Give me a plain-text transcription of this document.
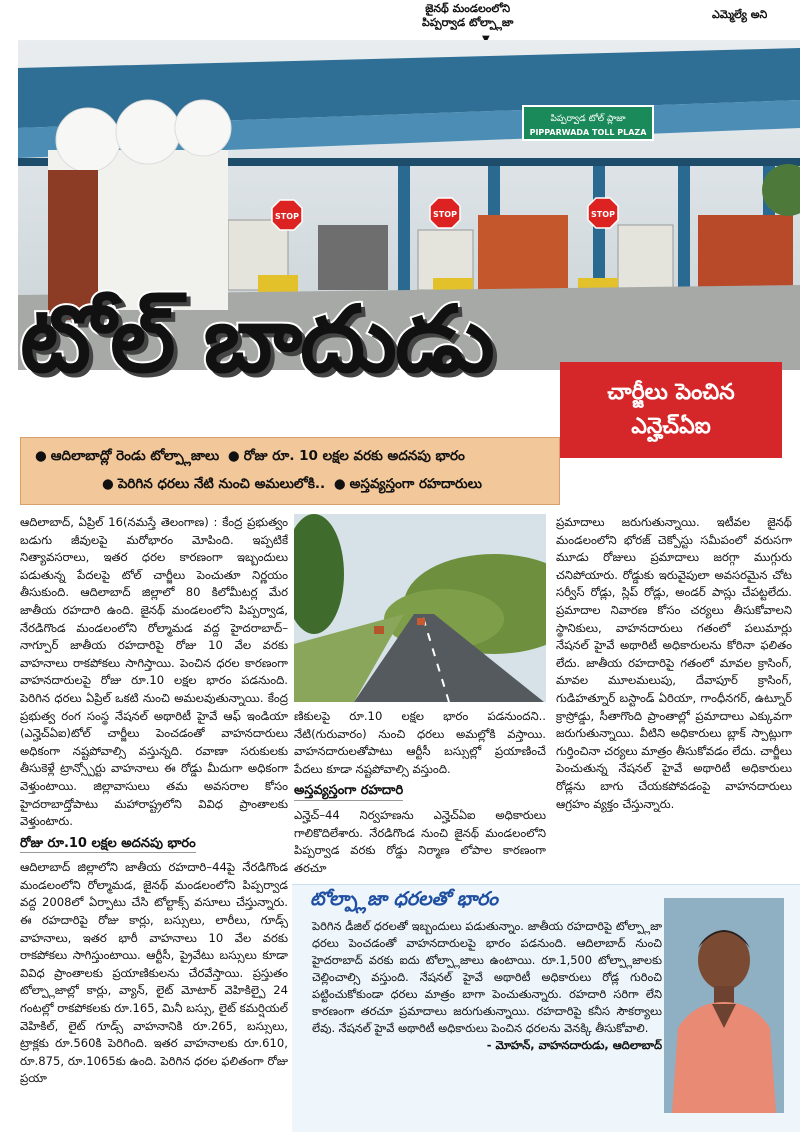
జైనథ్ మండలంలోని
పిప్పర్వాడ టోల్ప్లాజా
ఎమ్మెల్యే అని
పిప్పర్వాడ టోల్ ప్లాజా
PIPPARWADA TOLL PLAZA
STOP	STOP	STOP
టోల్ బాదుడు	చార్జీలు పెంచిన
ఎన్హెచ్ఏఐ
● ఆదిలాబాద్లో రెండు టోల్ప్లాజాలు ● రోజు రూ. 10 లక్షల వరకు అదనపు భారం
● పెరిగిన ధరలు నేటి నుంచి అమలులోకి.. ● అస్తవ్యస్తంగా రహదారులు

ఆదిలాబాద్, ఏప్రిల్ 16(నమస్తే తెలంగాణ) : కేంద్ర ప్రభుత్వం బడుగు జీవులపై మరోభారం మోపింది. ఇప్పటికే నిత్యావసరాలు, ఇతర ధరల కారణంగా ఇబ్బందులు పడుతున్న పేదలపై టోల్ చార్జీలు పెంచుతూ నిర్ణయం తీసుకుంది. ఆదిలాబాద్ జిల్లాలో 80 కిలోమీటర్ల మేర జాతీయ రహదారి ఉంది. జైనథ్ మండలంలోని పిప్పర్వాడ, నేరడిగొండ మండలంలోని రోల్మామడ వద్ద హైదరాబాద్–నాగ్పూర్ జాతీయ రహదారిపై రోజు 10 వేల వరకు వాహనాలు రాకపోకలు సాగిస్తాయి. పెంచిన ధరల కారణంగా వాహనదారులపై రోజు రూ.10 లక్షల భారం పడనుంది. పెరిగిన ధరలు ఏప్రిల్ ఒకటి నుంచి అమలవుతున్నాయి. కేంద్ర ప్రభుత్వ రంగ సంస్థ నేషనల్ అథారిటీ హైవే ఆఫ్ ఇండియా (ఎన్హెచ్ఏఐ)టోల్ చార్జీలు పెంచడంతో వాహనదారులు అధికంగా నష్టపోవాల్సి వస్తున్నది. రవాణా సరుకులకు తీసుకెళ్లే ట్రాన్స్పోర్టు వాహనాలు ఈ రోడ్డు మీదుగా అధికంగా వెళ్తుంటాయి. జిల్లావాసులు తమ అవసరాల కోసం హైదరాబాద్తోపాటు మహారాష్ట్రలోని వివిధ ప్రాంతాలకు వెళ్తుంటారు.

రోజు రూ.10 లక్షల అదనపు భారం

ఆదిలాబాద్ జిల్లాలోని జాతీయ రహదారి–44పై నేరడిగొండ మండలంలోని రోల్మామడ, జైనథ్ మండలంలోని పిప్పర్వాడ వద్ద 2008లో ఏర్పాటు చేసి టోల్టాక్స్ వసూలు చేస్తున్నారు. ఈ రహదారిపై రోజు కార్లు, బస్సులు, లారీలు, గూడ్స్ వాహనాలు, ఇతర భారీ వాహనాలు 10 వేల వరకు రాకపోకలు సాగిస్తుంటాయి. ఆర్టీసీ, ప్రైవేటు బస్సులు కూడా వివిధ ప్రాంతాలకు ప్రయాణికులను చేరవేస్తాయి. ప్రస్తుతం టోల్ప్లాజాల్లో కార్లు, వ్యాన్, లైట్ మోటార్ వెహికిల్పై 24 గంటల్లో రాకపోకలకు రూ.165, మినీ బస్సు, లైట్ కమర్షియల్ వెహికిల్, లైట్ గూడ్స్ వాహనానికి రూ.265, బస్సులు, ట్రాక్లకు రూ.560కి పెరిగింది. ఇతర వాహనాలకు రూ.610, రూ.875, రూ.1065కు ఉంది. పెరిగిన ధరల ఫలితంగా రోజు ప్రయా

ణికులపై రూ.10 లక్షల భారం పడనుందని.. నేటి(గురువారం) నుంచి ధరలు అమల్లోకి వస్తాయి. వాహనదారులతోపాటు ఆర్టీసీ బస్సుల్లో ప్రయాణించే పేదలు కూడా నష్టపోవాల్సి వస్తుంది.

అస్తవ్యస్తంగా రహదారి

ఎన్హెచ్–44 నిర్వహణను ఎన్హెచ్ఏఐ అధికారులు గాలికొదిలేశారు. నేరడిగొండ నుంచి జైనథ్ మండలంలోని పిప్పర్వాడ వరకు రోడ్డు నిర్మాణ లోపాల కారణంగా తరచూ

ప్రమాదాలు జరుగుతున్నాయి. ఇటీవల జైనథ్ మండలంలోని భోరజ్ చెక్పోస్టు సమీపంలో వరుసగా మూడు రోజులు ప్రమాదాలు జరగ్గా ముగ్గురు చనిపోయారు. రోడ్డుకు ఇరువైపులా అవసరమైన చోట సర్వీస్ రోడ్లు, స్లిప్ రోడ్లు, అండర్ పాస్లు చేపట్టలేదు. ప్రమాదాల నివారణ కోసం చర్యలు తీసుకోవాలని స్థానికులు, వాహనదారులు గతంలో పలుమార్లు నేషనల్ హైవే అథారిటీ అధికారులను కోరినా ఫలితం లేదు. జాతీయ రహదారిపై గతంలో మావల క్రాసింగ్, మావల మూలమలుపు, దేవాపూర్ క్రాసింగ్, గుడిహత్నూర్ బస్టాండ్ ఏరియా, గాంధీనగర్, ఉట్నూర్ క్రాస్రోడ్డు, సీతాగొంది ప్రాంతాల్లో ప్రమాదాలు ఎక్కువగా జరుగుతున్నాయి. వీటిని అధికారులు బ్లాక్ స్పాట్లుగా గుర్తించినా చర్యలు మాత్రం తీసుకోవడం లేదు. చార్జీలు పెంచుతున్న నేషనల్ హైవే అథారిటీ అధికారులు రోడ్లను బాగు చేయకపోవడంపై వాహనదారులు ఆగ్రహం వ్యక్తం చేస్తున్నారు.

టోల్ప్లాజా ధరలతో భారం
పెరిగిన డీజిల్ ధరలతో ఇబ్బందులు పడుతున్నాం. జాతీయ రహదారిపై టోల్ప్లాజా ధరలు పెంచడంతో వాహనదారులపై భారం పడనుంది. ఆదిలాబాద్ నుంచి హైదరాబాద్ వరకు ఐదు టోల్ప్లాజాలు ఉంటాయి. రూ.1,500 టోల్ప్లాజాలకు చెల్లించాల్సి వస్తుంది. నేషనల్ హైవే అథారిటీ అధికారులు రోడ్ల గురించి పట్టించుకోకుండా ధరలు మాత్రం బాగా పెంచుతున్నారు. రహదారి సరిగా లేని కారణంగా తరచూ ప్రమాదాలు జరుగుతున్నాయి. రహదారిపై కనీస సౌకర్యాలు లేవు. నేషనల్ హైవే అథారిటీ అధికారులు పెంచిన ధరలను వెనక్కి తీసుకోవాలి.
- మోహన్, వాహనదారుడు, ఆదిలాబాద్
